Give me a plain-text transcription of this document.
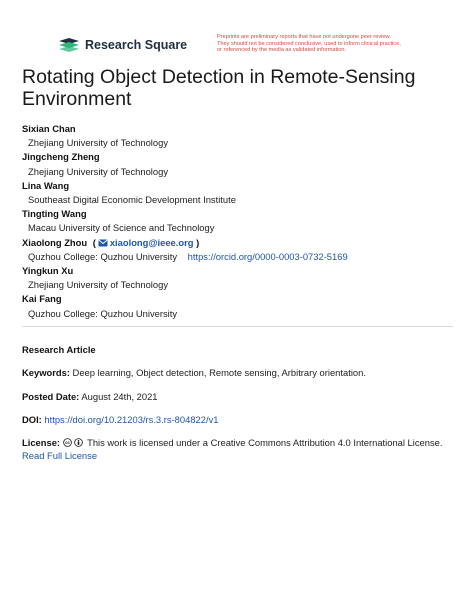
Research Square
Preprints are preliminary reports that have not undergone peer review.
They should not be considered conclusive, used to inform clinical practice,
or referenced by the media as validated information.
Rotating Object Detection in Remote-Sensing
Environment
Sixian Chan
Zhejiang University of Technology
Jingcheng Zheng
Zhejiang University of Technology
Lina Wang
Southeast Digital Economic Development Institute
Tingting Wang
Macau University of Science and Technology
Xiaolong Zhou ( xiaolong@ieee.org )
Quzhou College: Quzhou University https://orcid.org/0000-0003-0732-5169
Yingkun Xu
Zhejiang University of Technology
Kai Fang
Quzhou College: Quzhou University
Research Article
Keywords: Deep learning, Object detection, Remote sensing, Arbitrary orientation.
Posted Date: August 24th, 2021
DOI: https://doi.org/10.21203/rs.3.rs-804822/v1
License: cc This work is licensed under a Creative Commons Attribution 4.0 International License.
Read Full License
